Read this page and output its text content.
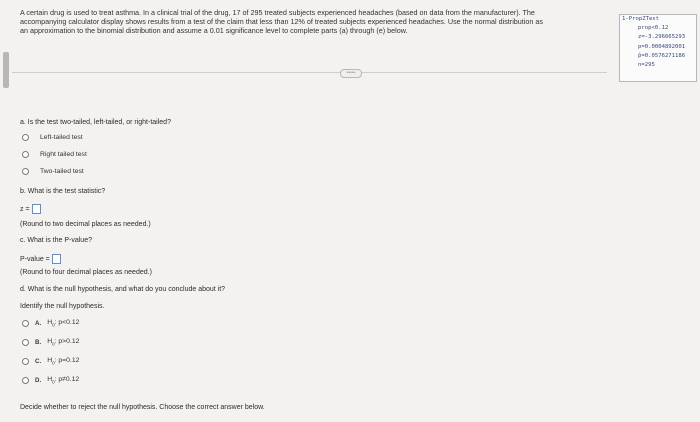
A certain drug is used to treat asthma. In a clinical trial of the drug, 17 of 295 treated subjects experienced headaches (based on data from the manufacturer). The
accompanying calculator display shows results from a test of the claim that less than 12% of treated subjects experienced headaches. Use the normal distribution as
an approximation to the binomial distribution and assume a 0.01 significance level to complete parts (a) through (e) below.
1-PropZTest
prop<0.12
z=-3.296665293
p=0.0004892001
p̂=0.0576271186
n=295
•••••
a. Is the test two-tailed, left-tailed, or right-tailed?
Left-tailed test
Right tailed test
Two-tailed test
b. What is the test statistic?
z =
(Round to two decimal places as needed.)
c. What is the P-value?
P-value =
(Round to four decimal places as needed.)
d. What is the null hypothesis, and what do you conclude about it?
Identify the null hypothesis.
A. $H_0$: p<0.12
B. $H_0$: p>0.12
C. $H_0$: p=0.12
D. $H_0$: p≠0.12
Decide whether to reject the null hypothesis. Choose the correct answer below.
